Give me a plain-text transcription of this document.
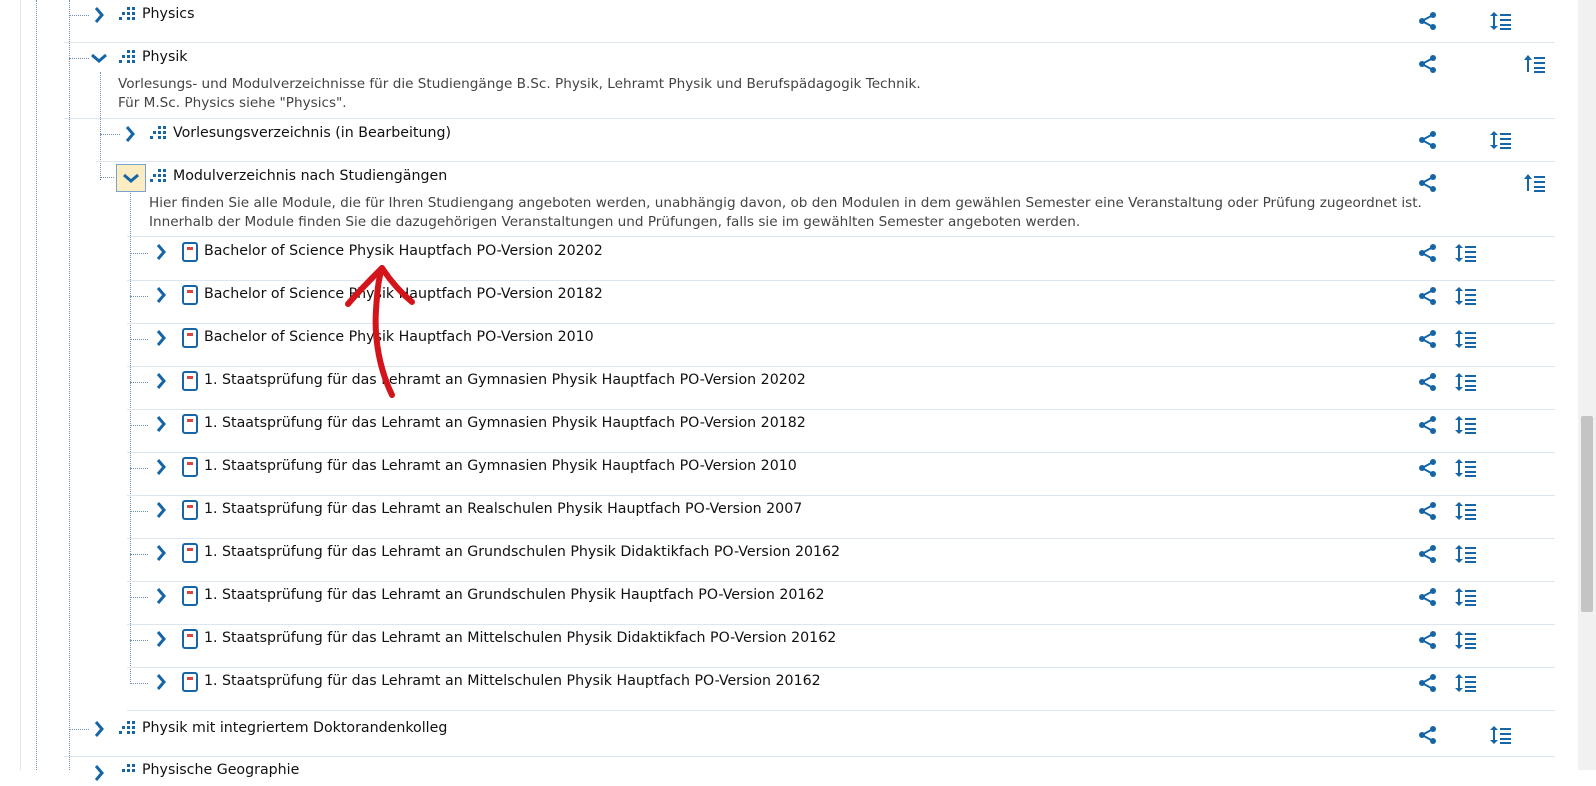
Physics
Physik
Vorlesungs- und Modulverzeichnisse für die Studiengänge B.Sc. Physik, Lehramt Physik und Berufspädagogik Technik.
Für M.Sc. Physics siehe "Physics".
Vorlesungsverzeichnis (in Bearbeitung)
Modulverzeichnis nach Studiengängen
Hier finden Sie alle Module, die für Ihren Studiengang angeboten werden, unabhängig davon, ob den Modulen in dem gewählen Semester eine Veranstaltung oder Prüfung zugeordnet ist.
Innerhalb der Module finden Sie die dazugehörigen Veranstaltungen und Prüfungen, falls sie im gewählten Semester angeboten werden.
Bachelor of Science Physik Hauptfach PO-Version 20202
Bachelor of Science Physik Hauptfach PO-Version 20182
Bachelor of Science Physik Hauptfach PO-Version 2010
1. Staatsprüfung für das Lehramt an Gymnasien Physik Hauptfach PO-Version 20202
1. Staatsprüfung für das Lehramt an Gymnasien Physik Hauptfach PO-Version 20182
1. Staatsprüfung für das Lehramt an Gymnasien Physik Hauptfach PO-Version 2010
1. Staatsprüfung für das Lehramt an Realschulen Physik Hauptfach PO-Version 2007
1. Staatsprüfung für das Lehramt an Grundschulen Physik Didaktikfach PO-Version 20162
1. Staatsprüfung für das Lehramt an Grundschulen Physik Hauptfach PO-Version 20162
1. Staatsprüfung für das Lehramt an Mittelschulen Physik Didaktikfach PO-Version 20162
1. Staatsprüfung für das Lehramt an Mittelschulen Physik Hauptfach PO-Version 20162
Physik mit integriertem Doktorandenkolleg
Physische Geographie
